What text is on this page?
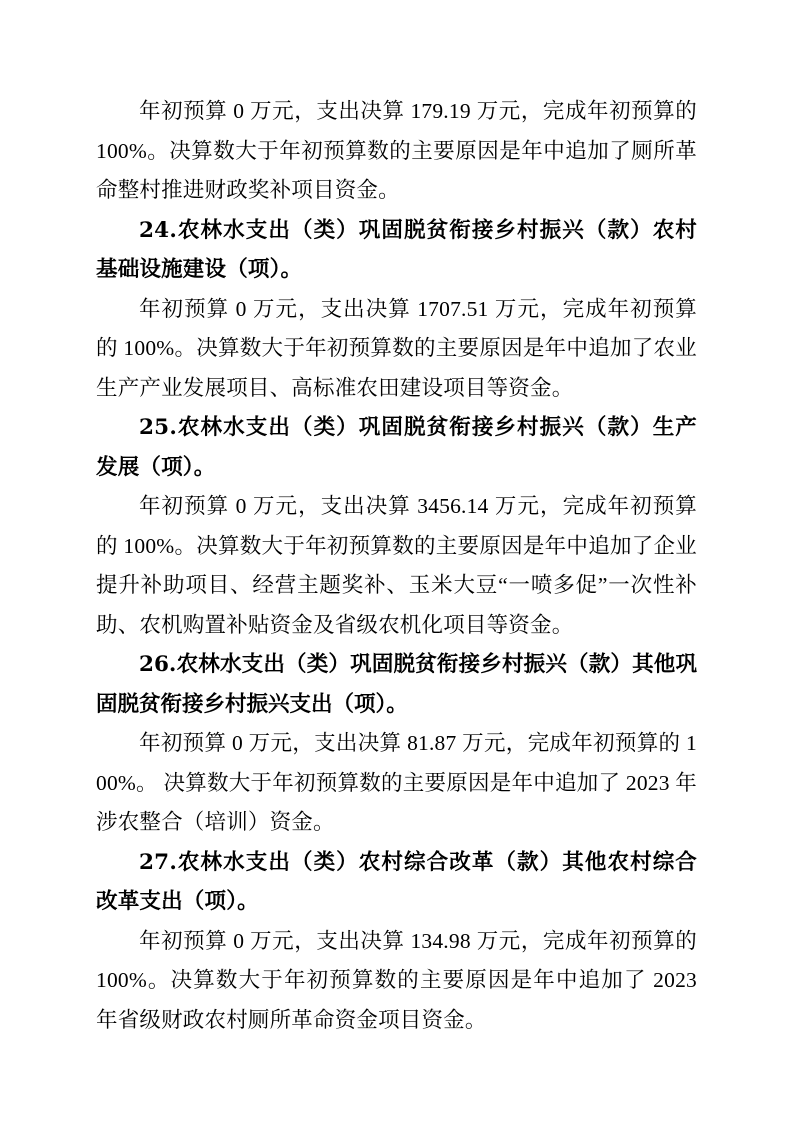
年初预算 0 万元，支出决算 179.19 万元，完成年初预算的 100%。决算数大于年初预算数的主要原因是年中追加了厕所革命整村推进财政奖补项目资金。

24.农林水支出（类）巩固脱贫衔接乡村振兴（款）农村基础设施建设（项）。

年初预算 0 万元，支出决算 1707.51 万元，完成年初预算的 100%。决算数大于年初预算数的主要原因是年中追加了农业生产产业发展项目、高标准农田建设项目等资金。

25.农林水支出（类）巩固脱贫衔接乡村振兴（款）生产发展（项）。

年初预算 0 万元，支出决算 3456.14 万元，完成年初预算的 100%。决算数大于年初预算数的主要原因是年中追加了企业提升补助项目、经营主题奖补、玉米大豆“一喷多促”一次性补助、农机购置补贴资金及省级农机化项目等资金。

26.农林水支出（类）巩固脱贫衔接乡村振兴（款）其他巩固脱贫衔接乡村振兴支出（项）。

年初预算 0 万元，支出决算 81.87 万元，完成年初预算的 100%。 决算数大于年初预算数的主要原因是年中追加了 2023 年涉农整合（培训）资金。

27.农林水支出（类）农村综合改革（款）其他农村综合改革支出（项）。

年初预算 0 万元，支出决算 134.98 万元，完成年初预算的 100%。决算数大于年初预算数的主要原因是年中追加了 2023 年省级财政农村厕所革命资金项目资金。
